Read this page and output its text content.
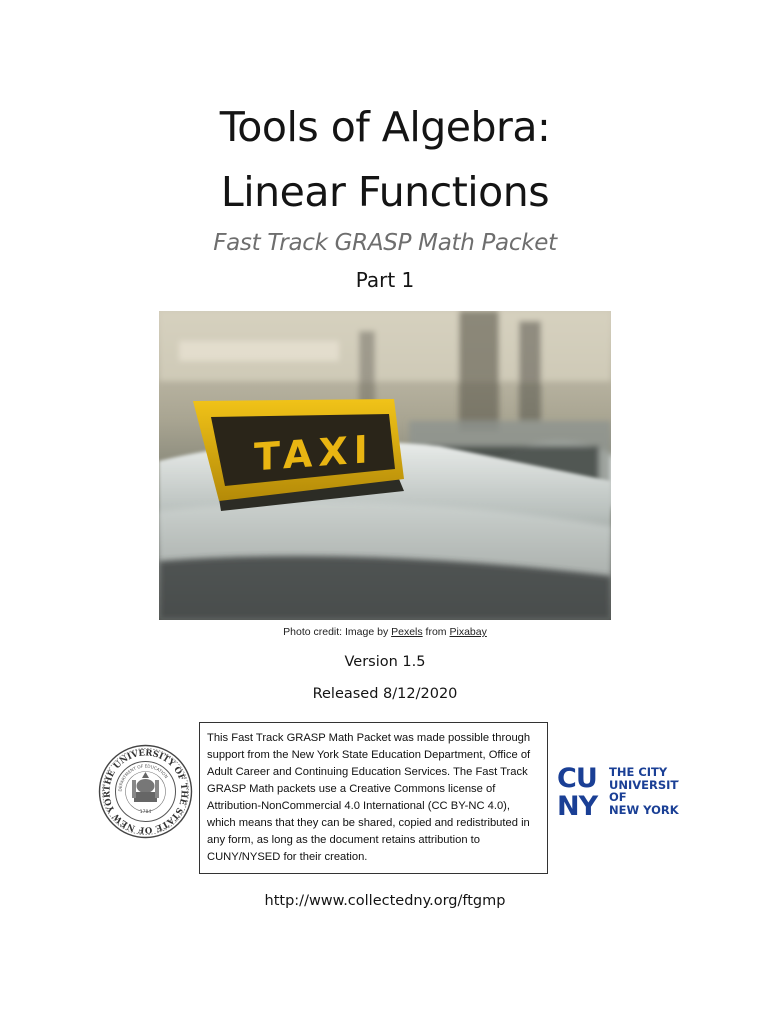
Tools of Algebra:
Linear Functions
Fast Track GRASP Math Packet
Part 1
TAXI
Photo credit: Image by Pexels from Pixabay
Version 1.5
Released 8/12/2020
THE UNIVERSITY OF THE STATE OF NEW YOR
DEPARTMENT OF EDUCATION
1784
This Fast Track GRASP Math Packet was made possible through support from the New York State Education Department, Office of Adult Career and Continuing Education Services. The Fast Track GRASP Math packets use a Creative Commons license of Attribution-NonCommercial 4.0 International (CC BY-NC 4.0), which means that they can be shared, copied and redistributed in any form, as long as the document retains attribution to CUNY/NYSED for their creation.
CU
NY
THE CITY
UNIVERSITY
OF
NEW YORK
http://www.collectedny.org/ftgmp
